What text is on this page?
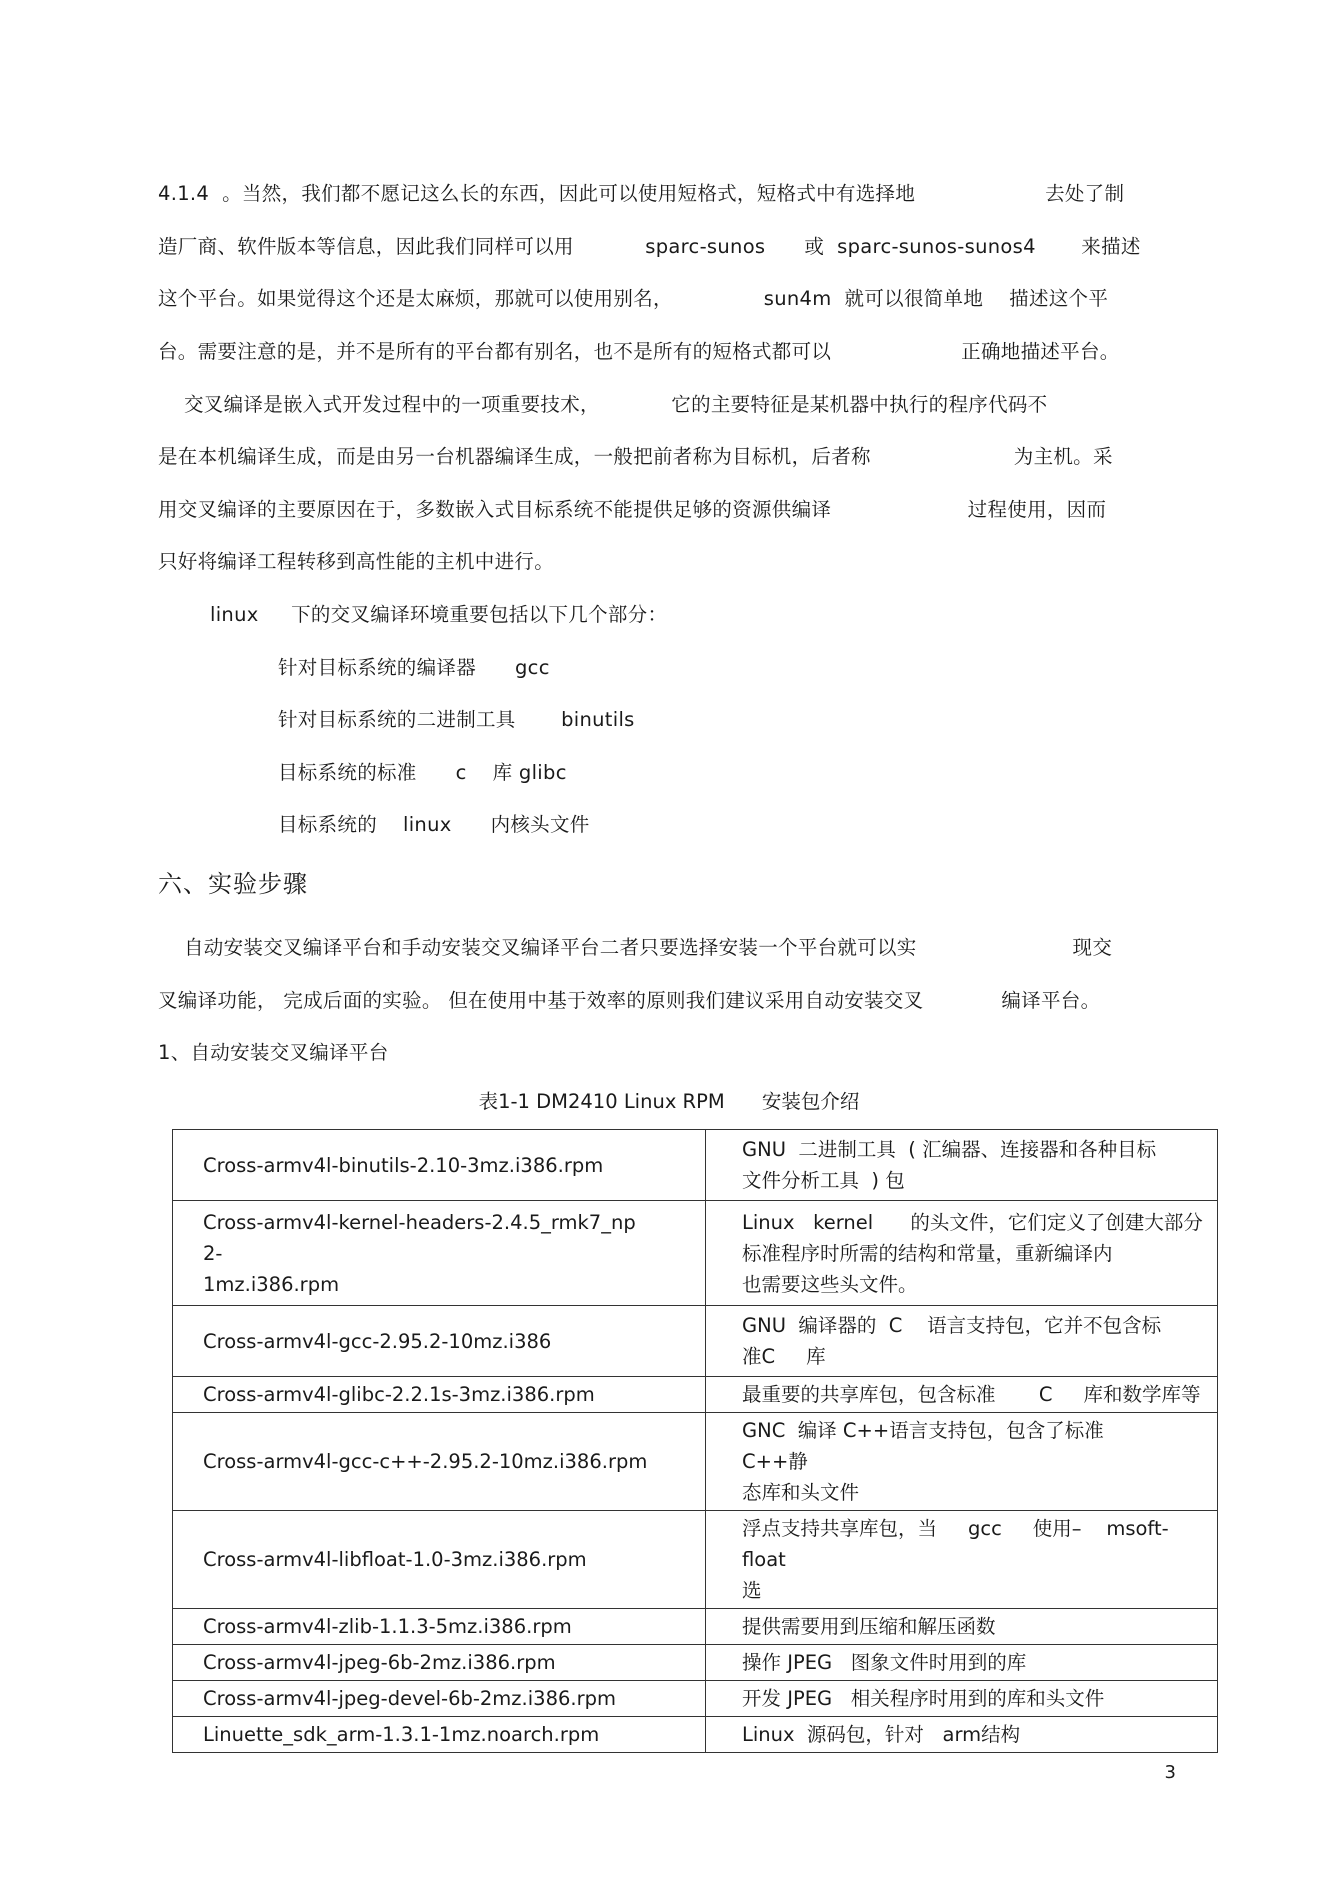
4.1.4  。当然，我们都不愿记这么长的东西，因此可以使用短格式，短格式中有选择地                    去处了制
造厂商、软件版本等信息，因此我们同样可以用           sparc-sunos      或  sparc-sunos-sunos4       来描述
这个平台。如果觉得这个还是太麻烦，那就可以使用别名，              sun4m  就可以很简单地    描述这个平
台。需要注意的是，并不是所有的平台都有别名，也不是所有的短格式都可以                    正确地描述平台。
交叉编译是嵌入式开发过程中的一项重要技术，           它的主要特征是某机器中执行的程序代码不
是在本机编译生成，而是由另一台机器编译生成，一般把前者称为目标机，后者称                      为主机。采
用交叉编译的主要原因在于，多数嵌入式目标系统不能提供足够的资源供编译                     过程使用，因而
只好将编译工程转移到高性能的主机中进行。
linux     下的交叉编译环境重要包括以下几个部分：
针对目标系统的编译器      gcc
针对目标系统的二进制工具       binutils
目标系统的标准      c    库 glibc
目标系统的    linux      内核头文件
六、实验步骤
自动安装交叉编译平台和手动安装交叉编译平台二者只要选择安装一个平台就可以实                        现交
叉编译功能， 完成后面的实验。 但在使用中基于效率的原则我们建议采用自动安装交叉            编译平台。
1、自动安装交叉编译平台
表1-1 DM2410 Linux RPM      安装包介绍
Cross-armv4l-binutils-2.10-3mz.i386.rpm	GNU  二进制工具  ( 汇编器、连接器和各种目标
文件分析工具  ) 包
Cross-armv4l-kernel-headers-2.4.5_rmk7_np
2-
1mz.i386.rpm	Linux   kernel      的头文件，它们定义了创建大部分
标准程序时所需的结构和常量，重新编译内
也需要这些头文件。
Cross-armv4l-gcc-2.95.2-10mz.i386	GNU  编译器的  C    语言支持包，它并不包含标
准C     库
Cross-armv4l-glibc-2.2.1s-3mz.i386.rpm	最重要的共享库包，包含标准       C     库和数学库等
Cross-armv4l-gcc-c++-2.95.2-10mz.i386.rpm	GNC  编译 C++语言支持包，包含了标准      C++静
态库和头文件
Cross-armv4l-libfloat-1.0-3mz.i386.rpm	浮点支持共享库包，当     gcc     使用–    msoft-float
选
Cross-armv4l-zlib-1.1.3-5mz.i386.rpm	提供需要用到压缩和解压函数
Cross-armv4l-jpeg-6b-2mz.i386.rpm	操作 JPEG   图象文件时用到的库
Cross-armv4l-jpeg-devel-6b-2mz.i386.rpm	开发 JPEG   相关程序时用到的库和头文件
Linuette_sdk_arm-1.3.1-1mz.noarch.rpm	Linux  源码包，针对   arm结构
3
